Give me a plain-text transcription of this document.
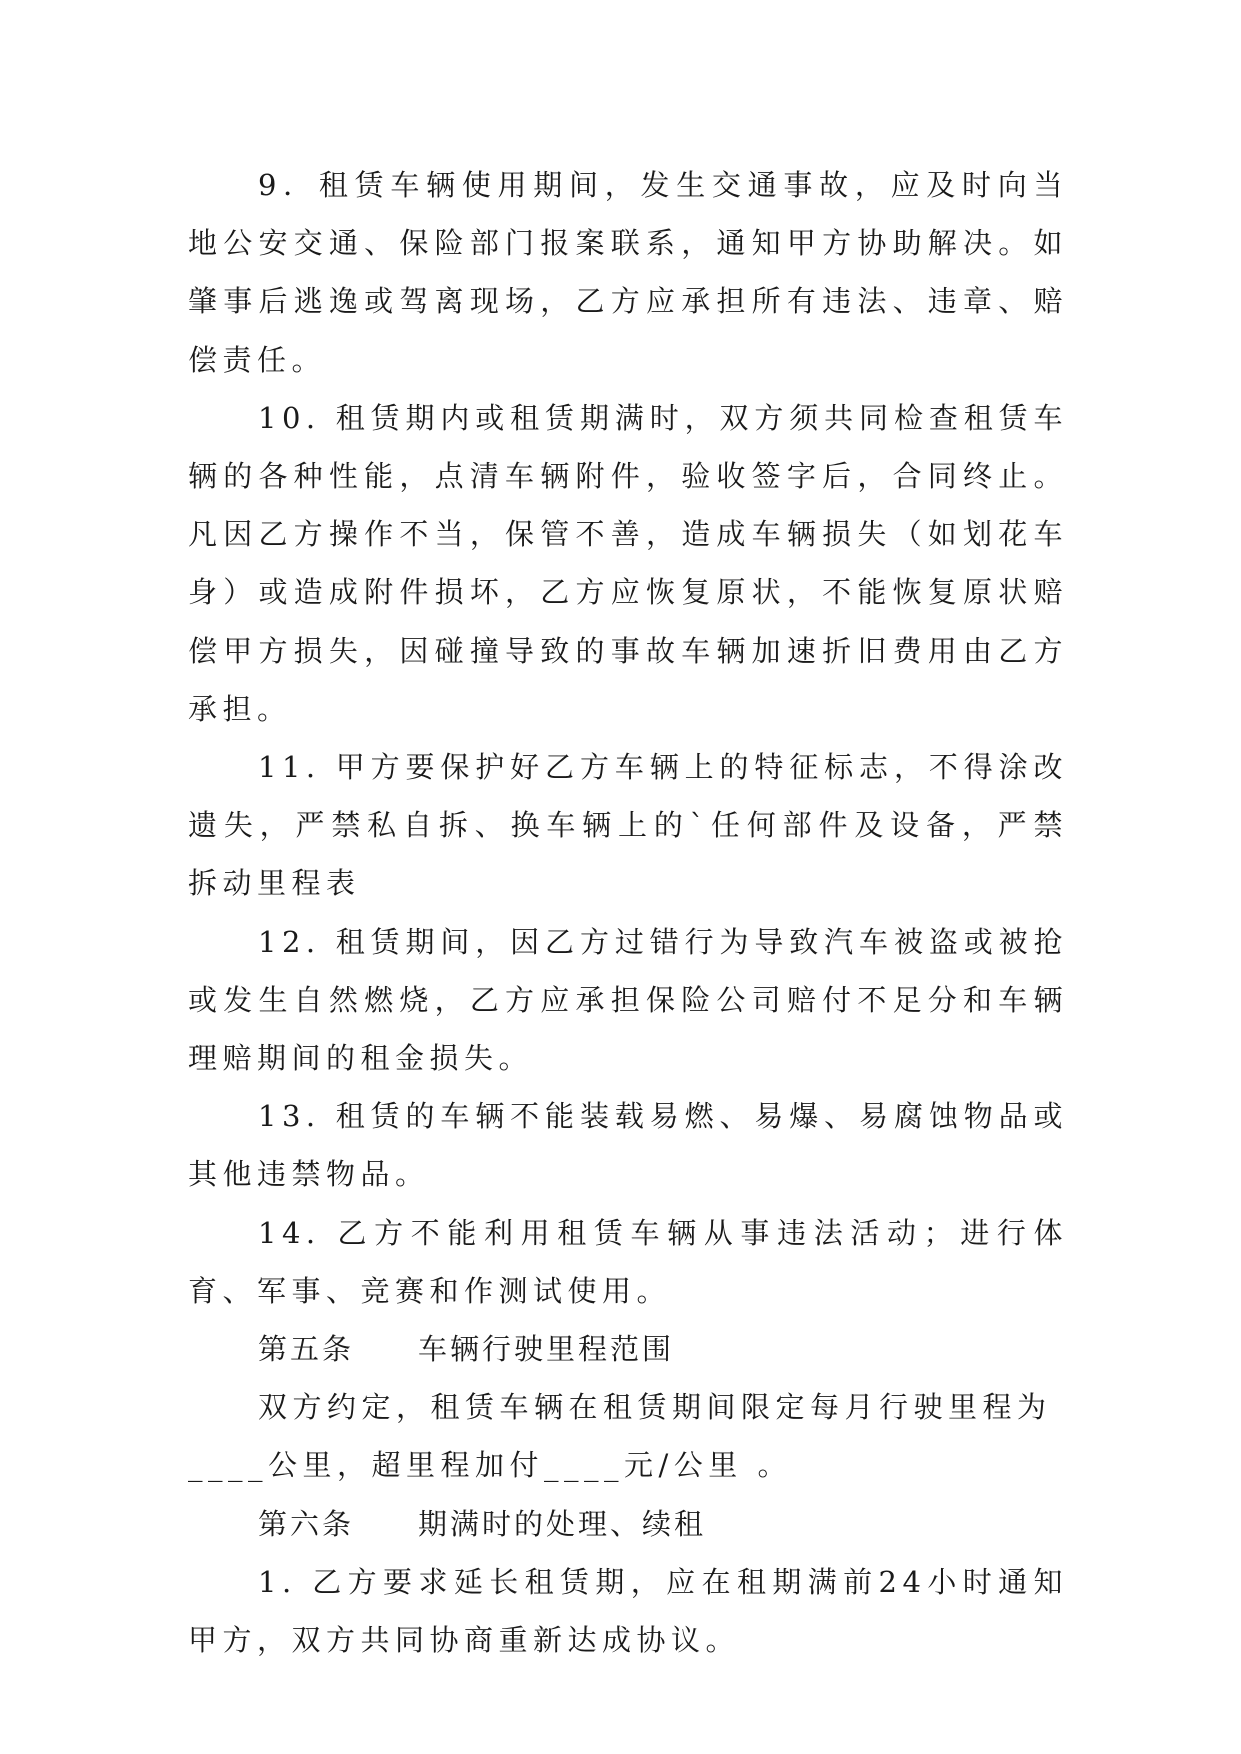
9．租赁车辆使用期间，发生交通事故，应及时向当地公安交通、保险部门报案联系，通知甲方协助解决。如肇事后逃逸或驾离现场，乙方应承担所有违法、违章、赔偿责任。

10. 租赁期内或租赁期满时，双方须共同检查租赁车辆的各种性能，点清车辆附件，验收签字后，合同终止。凡因乙方操作不当，保管不善，造成车辆损失（如划花车身）或造成附件损坏，乙方应恢复原状，不能恢复原状赔偿甲方损失，因碰撞导致的事故车辆加速折旧费用由乙方承担。

11. 甲方要保护好乙方车辆上的特征标志，不得涂改遗失，严禁私自拆、换车辆上的`任何部件及设备，严禁拆动里程表

12. 租赁期间，因乙方过错行为导致汽车被盗或被抢或发生自然燃烧，乙方应承担保险公司赔付不足分和车辆理赔期间的租金损失。

13. 租赁的车辆不能装载易燃、易爆、易腐蚀物品或其他违禁物品。

14. 乙方不能利用租赁车辆从事违法活动；进行体育、军事、竞赛和作测试使用。

第五条　　车辆行驶里程范围

双方约定，租赁车辆在租赁期间限定每月行驶里程为

____公里，超里程加付____元/公里 。

第六条　　期满时的处理、续租

1. 乙方要求延长租赁期，应在租期满前24小时通知甲方，双方共同协商重新达成协议。
